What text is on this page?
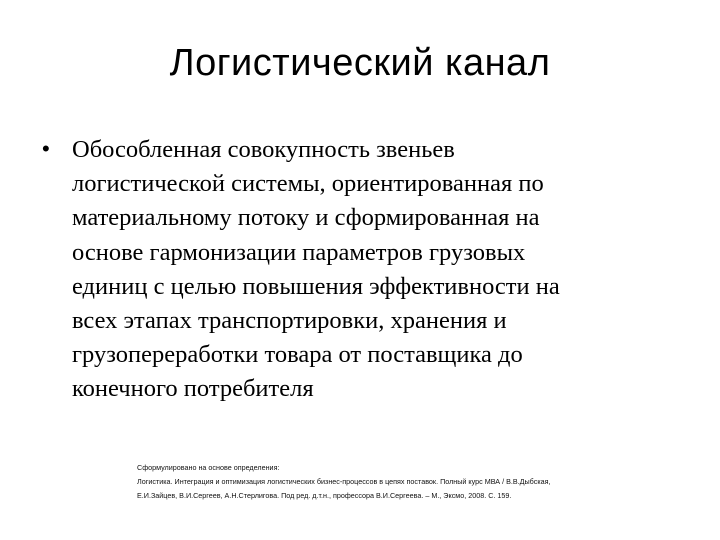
Логистический канал
• Обособленная совокупность звеньев
логистической системы, ориентированная по
материальному потоку и сформированная на
основе гармонизации параметров грузовых
единиц с целью повышения эффективности на
всех этапах транспортировки, хранения и
грузопереработки товара от поставщика до
конечного потребителя
Сформулировано на основе определения:
Логистика. Интеграция и оптимизация логистических бизнес-процессов в цепях поставок. Полный курс МВА / В.В.Дыбская,
Е.И.Зайцев, В.И.Сергеев, А.Н.Стерлигова. Под ред. д.т.н., профессора В.И.Сергеева. – М., Эксмо, 2008. С. 159.
